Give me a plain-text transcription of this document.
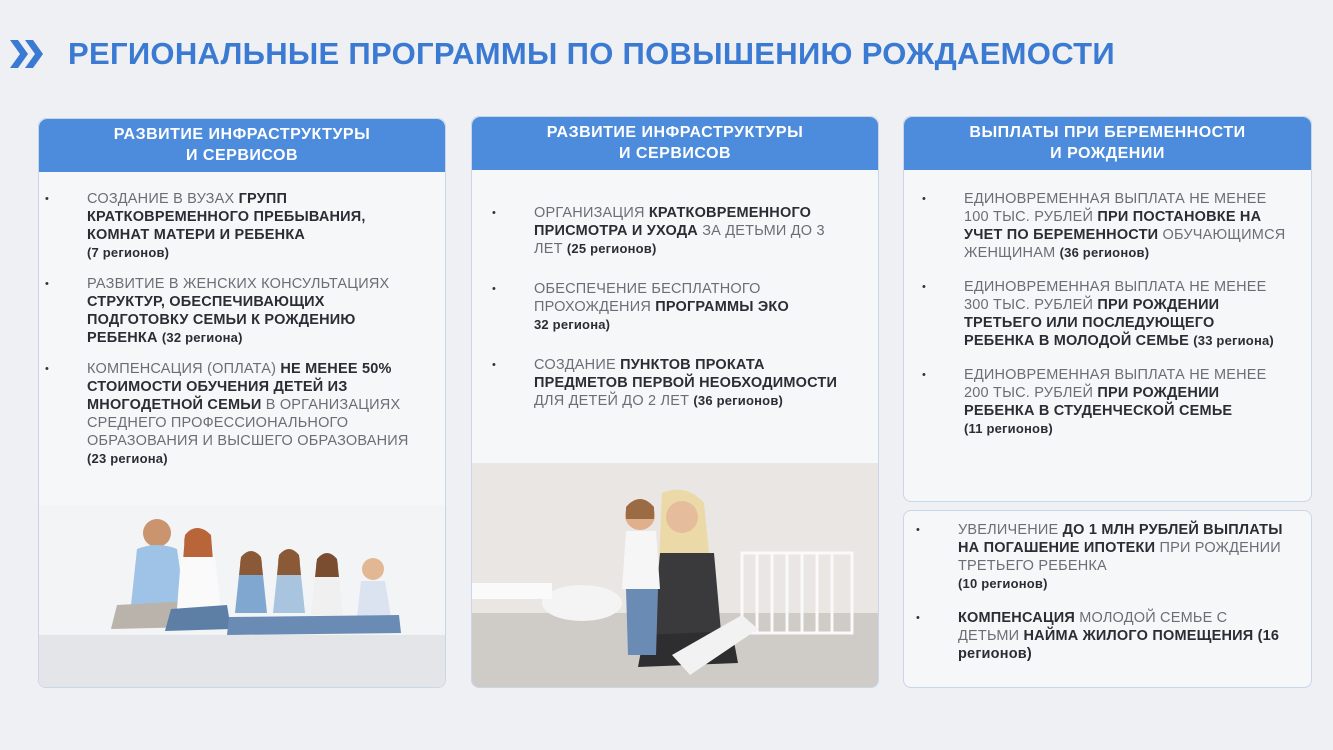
РЕГИОНАЛЬНЫЕ ПРОГРАММЫ ПО ПОВЫШЕНИЮ РОЖДАЕМОСТИ
РАЗВИТИЕ ИНФРАСТРУКТУРЫ
И СЕРВИСОВ
•	СОЗДАНИЕ В ВУЗАХ ГРУПП КРАТКОВРЕМЕННОГО ПРЕБЫВАНИЯ, КОМНАТ МАТЕРИ И РЕБЕНКА
(7 регионов)
•	РАЗВИТИЕ В ЖЕНСКИХ КОНСУЛЬТАЦИЯХ СТРУКТУР, ОБЕСПЕЧИВАЮЩИХ ПОДГОТОВКУ СЕМЬИ К РОЖДЕНИЮ РЕБЕНКА (32 региона)
•	КОМПЕНСАЦИЯ (ОПЛАТА) НЕ МЕНЕЕ 50% СТОИМОСТИ ОБУЧЕНИЯ ДЕТЕЙ ИЗ МНОГОДЕТНОЙ СЕМЬИ В ОРГАНИЗАЦИЯХ СРЕДНЕГО ПРОФЕССИОНАЛЬНОГО ОБРАЗОВАНИЯ И ВЫСШЕГО ОБРАЗОВАНИЯ (23 региона)
РАЗВИТИЕ ИНФРАСТРУКТУРЫ
И СЕРВИСОВ
•	ОРГАНИЗАЦИЯ КРАТКОВРЕМЕННОГО ПРИСМОТРА И УХОДА ЗА ДЕТЬМИ ДО 3 ЛЕТ (25 регионов)
•	ОБЕСПЕЧЕНИЕ БЕСПЛАТНОГО ПРОХОЖДЕНИЯ ПРОГРАММЫ ЭКО
32 региона)
•	СОЗДАНИЕ ПУНКТОВ ПРОКАТА ПРЕДМЕТОВ ПЕРВОЙ НЕОБХОДИМОСТИ ДЛЯ ДЕТЕЙ ДО 2 ЛЕТ (36 регионов)
ВЫПЛАТЫ ПРИ БЕРЕМЕННОСТИ
И РОЖДЕНИИ
•	ЕДИНОВРЕМЕННАЯ ВЫПЛАТА НЕ МЕНЕЕ 100 ТЫС. РУБЛЕЙ ПРИ ПОСТАНОВКЕ НА УЧЕТ ПО БЕРЕМЕННОСТИ ОБУЧАЮЩИМСЯ ЖЕНЩИНАМ (36 регионов)
•	ЕДИНОВРЕМЕННАЯ ВЫПЛАТА НЕ МЕНЕЕ 300 ТЫС. РУБЛЕЙ ПРИ РОЖДЕНИИ ТРЕТЬЕГО ИЛИ ПОСЛЕДУЮЩЕГО РЕБЕНКА В МОЛОДОЙ СЕМЬЕ (33 региона)
•	ЕДИНОВРЕМЕННАЯ ВЫПЛАТА НЕ МЕНЕЕ 200 ТЫС. РУБЛЕЙ ПРИ РОЖДЕНИИ РЕБЕНКА В СТУДЕНЧЕСКОЙ СЕМЬЕ
(11 регионов)
•	УВЕЛИЧЕНИЕ ДО 1 МЛН РУБЛЕЙ ВЫПЛАТЫ НА ПОГАШЕНИЕ ИПОТЕКИ ПРИ РОЖДЕНИИ ТРЕТЬЕГО РЕБЕНКА
(10 регионов)
•	КОМПЕНСАЦИЯ МОЛОДОЙ СЕМЬЕ С ДЕТЬМИ НАЙМА ЖИЛОГО ПОМЕЩЕНИЯ (16 регионов)
